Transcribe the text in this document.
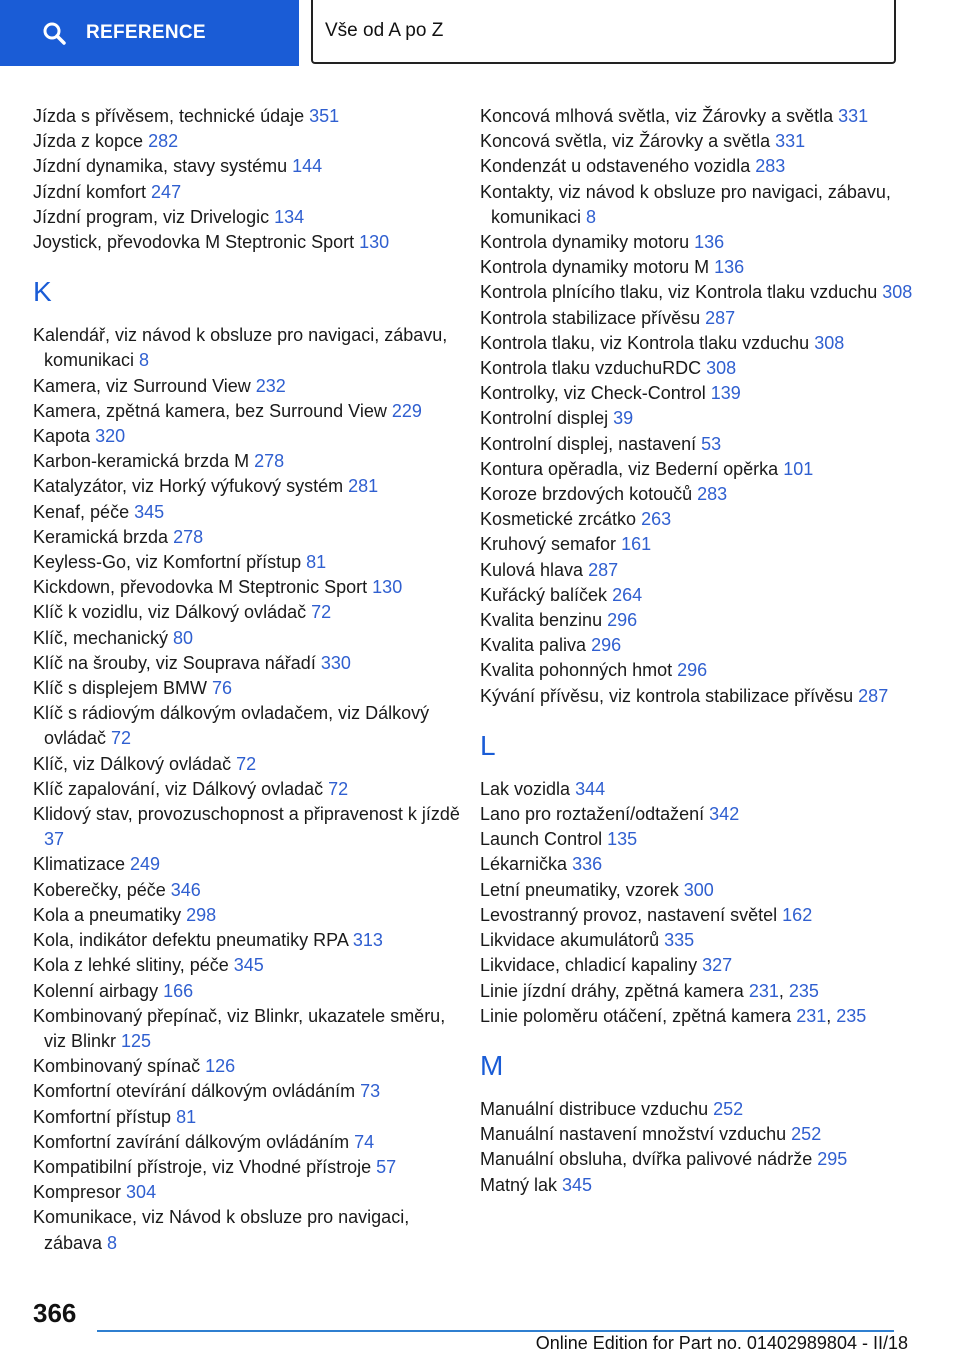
REFERENCE	Vše od A po Z
Jízda s přívěsem, technické údaje 351
Jízda z kopce 282
Jízdní dynamika, stavy systému 144
Jízdní komfort 247
Jízdní program, viz Drivelogic 134
Joystick, převodovka M Steptronic Sport 130
K
Kalendář, viz návod k obsluze pro navigaci, zábavu, komunikaci 8
Kamera, viz Surround View 232
Kamera, zpětná kamera, bez Surround View 229
Kapota 320
Karbon-keramická brzda M 278
Katalyzátor, viz Horký výfukový systém 281
Kenaf, péče 345
Keramická brzda 278
Keyless-Go, viz Komfortní přístup 81
Kickdown, převodovka M Steptronic Sport 130
Klíč k vozidlu, viz Dálkový ovládač 72
Klíč, mechanický 80
Klíč na šrouby, viz Souprava nářadí 330
Klíč s displejem BMW 76
Klíč s rádiovým dálkovým ovladačem, viz Dálkový ovládač 72
Klíč, viz Dálkový ovládač 72
Klíč zapalování, viz Dálkový ovladač 72
Klidový stav, provozuschopnost a připravenost k jízdě 37
Klimatizace 249
Koberečky, péče 346
Kola a pneumatiky 298
Kola, indikátor defektu pneumatiky RPA 313
Kola z lehké slitiny, péče 345
Kolenní airbagy 166
Kombinovaný přepínač, viz Blinkr, ukazatele směru, viz Blinkr 125
Kombinovaný spínač 126
Komfortní otevírání dálkovým ovládáním 73
Komfortní přístup 81
Komfortní zavírání dálkovým ovládáním 74
Kompatibilní přístroje, viz Vhodné přístroje 57
Kompresor 304
Komunikace, viz Návod k obsluze pro navigaci, zábava 8
Koncová mlhová světla, viz Žárovky a světla 331
Koncová světla, viz Žárovky a světla 331
Kondenzát u odstaveného vozidla 283
Kontakty, viz návod k obsluze pro navigaci, zábavu, komunikaci 8
Kontrola dynamiky motoru 136
Kontrola dynamiky motoru M 136
Kontrola plnícího tlaku, viz Kontrola tlaku vzduchu 308
Kontrola stabilizace přívěsu 287
Kontrola tlaku, viz Kontrola tlaku vzduchu 308
Kontrola tlaku vzduchuRDC 308
Kontrolky, viz Check-Control 139
Kontrolní displej 39
Kontrolní displej, nastavení 53
Kontura opěradla, viz Bederní opěrka 101
Koroze brzdových kotoučů 283
Kosmetické zrcátko 263
Kruhový semafor 161
Kulová hlava 287
Kuřácký balíček 264
Kvalita benzinu 296
Kvalita paliva 296
Kvalita pohonných hmot 296
Kývání přívěsu, viz kontrola stabilizace přívěsu 287
L
Lak vozidla 344
Lano pro roztažení/odtažení 342
Launch Control 135
Lékarnička 336
Letní pneumatiky, vzorek 300
Levostranný provoz, nastavení světel 162
Likvidace akumulátorů 335
Likvidace, chladicí kapaliny 327
Linie jízdní dráhy, zpětná kamera 231, 235
Linie poloměru otáčení, zpětná kamera 231, 235
M
Manuální distribuce vzduchu 252
Manuální nastavení množství vzduchu 252
Manuální obsluha, dvířka palivové nádrže 295
Matný lak 345
366
Online Edition for Part no. 01402989804 - II/18
